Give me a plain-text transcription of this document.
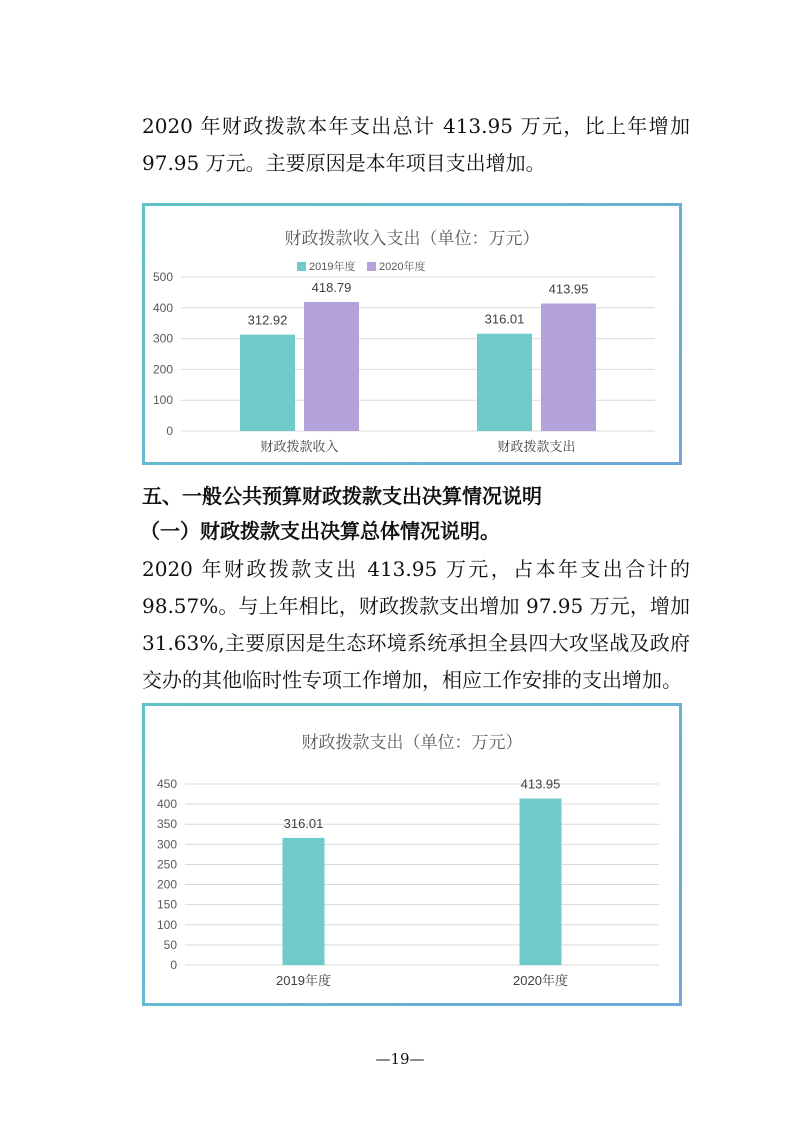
2020 年财政拨款本年支出总计 413.95 万元，比上年增加 97.95 万元。主要原因是本年项目支出增加。

财政拨款收入支出（单位：万元）
0
100
200
300
400
500
2019年度 2020年度
312.92	316.01
418.79	413.95
财政拨款收入	财政拨款支出

五、一般公共预算财政拨款支出决算情况说明

（一）财政拨款支出决算总体情况说明。

2020 年财政拨款支出 413.95 万元，占本年支出合计的 98.57%。与上年相比，财政拨款支出增加 97.95 万元，增加 31.63%,主要原因是生态环境系统承担全县四大攻坚战及政府交办的其他临时性专项工作增加，相应工作安排的支出增加。

财政拨款支出（单位：万元）
0
50
100
150
200
250
300
350
400
450
316.01
413.95
2019年度	2020年度
—19—
